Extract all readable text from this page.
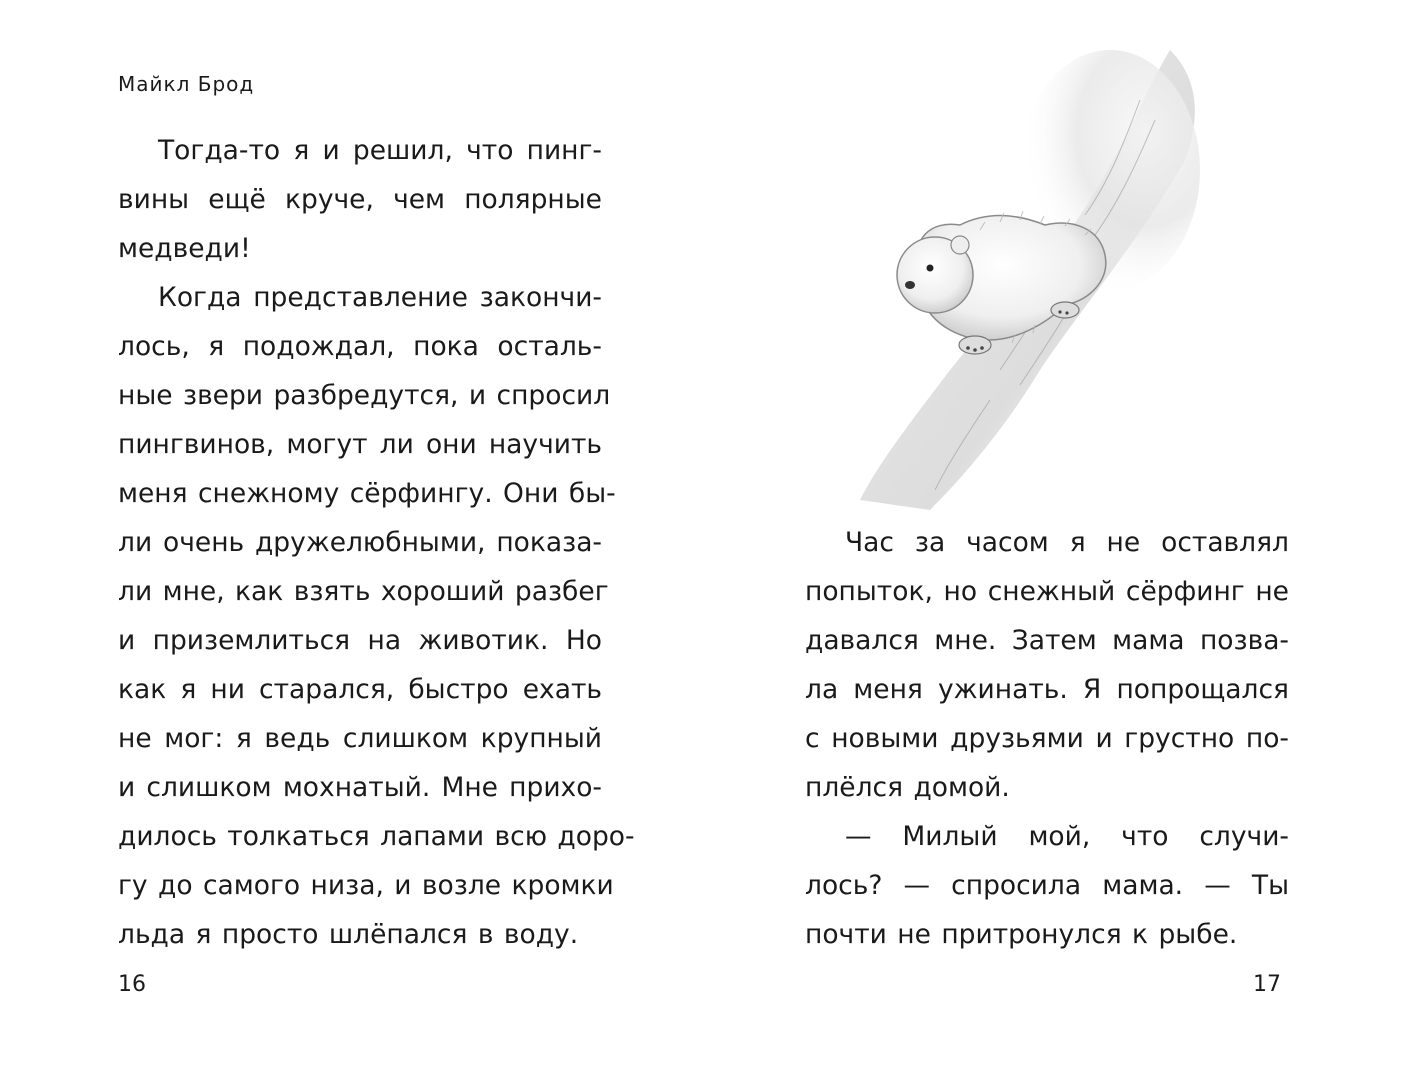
Майкл Брод
Тогда-то я и решил, что пинг-
вины ещё круче, чем полярные
медведи!
Когда представление закончи-
лось, я подождал, пока осталь-
ные звери разбредутся, и спросил
пингвинов, могут ли они научить
меня снежному сёрфингу. Они бы-
ли очень дружелюбными, показа-
ли мне, как взять хороший разбег
и приземлиться на животик. Но
как я ни старался, быстро ехать
не мог: я ведь слишком крупный
и слишком мохнатый. Мне прихо-
дилось толкаться лапами всю доро-
гу до самого низа, и возле кромки
льда я просто шлёпался в воду.
16
Час за часом я не оставлял
попыток, но снежный сёрфинг не
давался мне. Затем мама позва-
ла меня ужинать. Я попрощался
с новыми друзьями и грустно по-
плёлся домой.
— Милый мой, что случи-
лось? — спросила мама. — Ты
почти не притронулся к рыбе.
17
